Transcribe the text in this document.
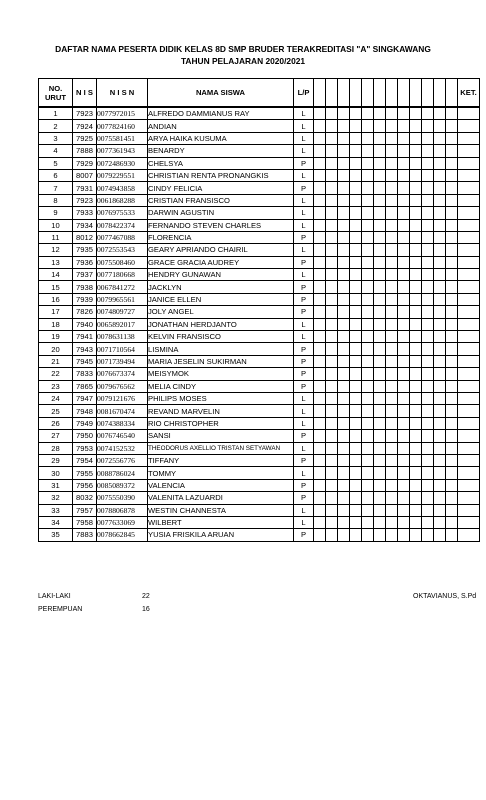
DAFTAR NAMA PESERTA DIDIK KELAS 8D SMP BRUDER TERAKREDITASI "A" SINGKAWANG
TAHUN PELAJARAN 2020/2021
NO. URUT	N I S	N I S N	NAMA SISWA	L/P													KET.
1	7923	0077972015	ALFREDO DAMMIANUS RAY	L													
2	7924	0077824160	ANDIAN	L													
3	7925	0075581451	ARYA HAIKA KUSUMA	L													
4	7888	0077361943	BENARDY	L													
5	7929	0072486930	CHELSYA	P													
6	8007	0079229551	CHRISTIAN RENTA PRONANGKIS	L													
7	7931	0074943858	CINDY FELICIA	P													
8	7923	0061868288	CRISTIAN FRANSISCO	L													
9	7933	0076975533	DARWIN AGUSTIN	L													
10	7934	0078422374	FERNANDO STEVEN CHARLES	L													
11	8012	0077467088	FLORENCIA	P													
12	7935	0072553543	GEARY APRIANDO CHAIRIL	L													
13	7936	0075508460	GRACE GRACIA AUDREY	P													
14	7937	0077180668	HENDRY GUNAWAN	L													
15	7938	0067841272	JACKLYN	P													
16	7939	0079965561	JANICE ELLEN	P													
17	7826	0074809727	JOLY ANGEL	P													
18	7940	0065892017	JONATHAN HERDJANTO	L													
19	7941	0078631138	KELVIN FRANSISCO	L													
20	7943	0071710564	LISMINA	P													
21	7945	0071739494	MARIA JESELIN SUKIRMAN	P													
22	7833	0076673374	MEISYMOK	P													
23	7865	0079676562	MELIA CINDY	P													
24	7947	0079121676	PHILIPS MOSES	L													
25	7948	0081670474	REVAND MARVELIN	L													
26	7949	0074388334	RIO CHRISTOPHER	L													
27	7950	0076746540	SANSI	P													
28	7953	0074152532	THEODORUS AXELLIO TRISTAN SETYAWAN	L													
29	7954	0072556776	TIFFANY	P													
30	7955	0088786024	TOMMY	L													
31	7956	0085089372	VALENCIA	P													
32	8032	0075550390	VALENITA LAZUARDI	P													
33	7957	0078806878	WESTIN CHANNESTA	L													
34	7958	0077633069	WILBERT	L													
35	7883	0078662845	YUSIA FRISKILA ARUAN	P													
LAKI-LAKI	22
PEREMPUAN	16
OKTAVIANUS, S.Pd
